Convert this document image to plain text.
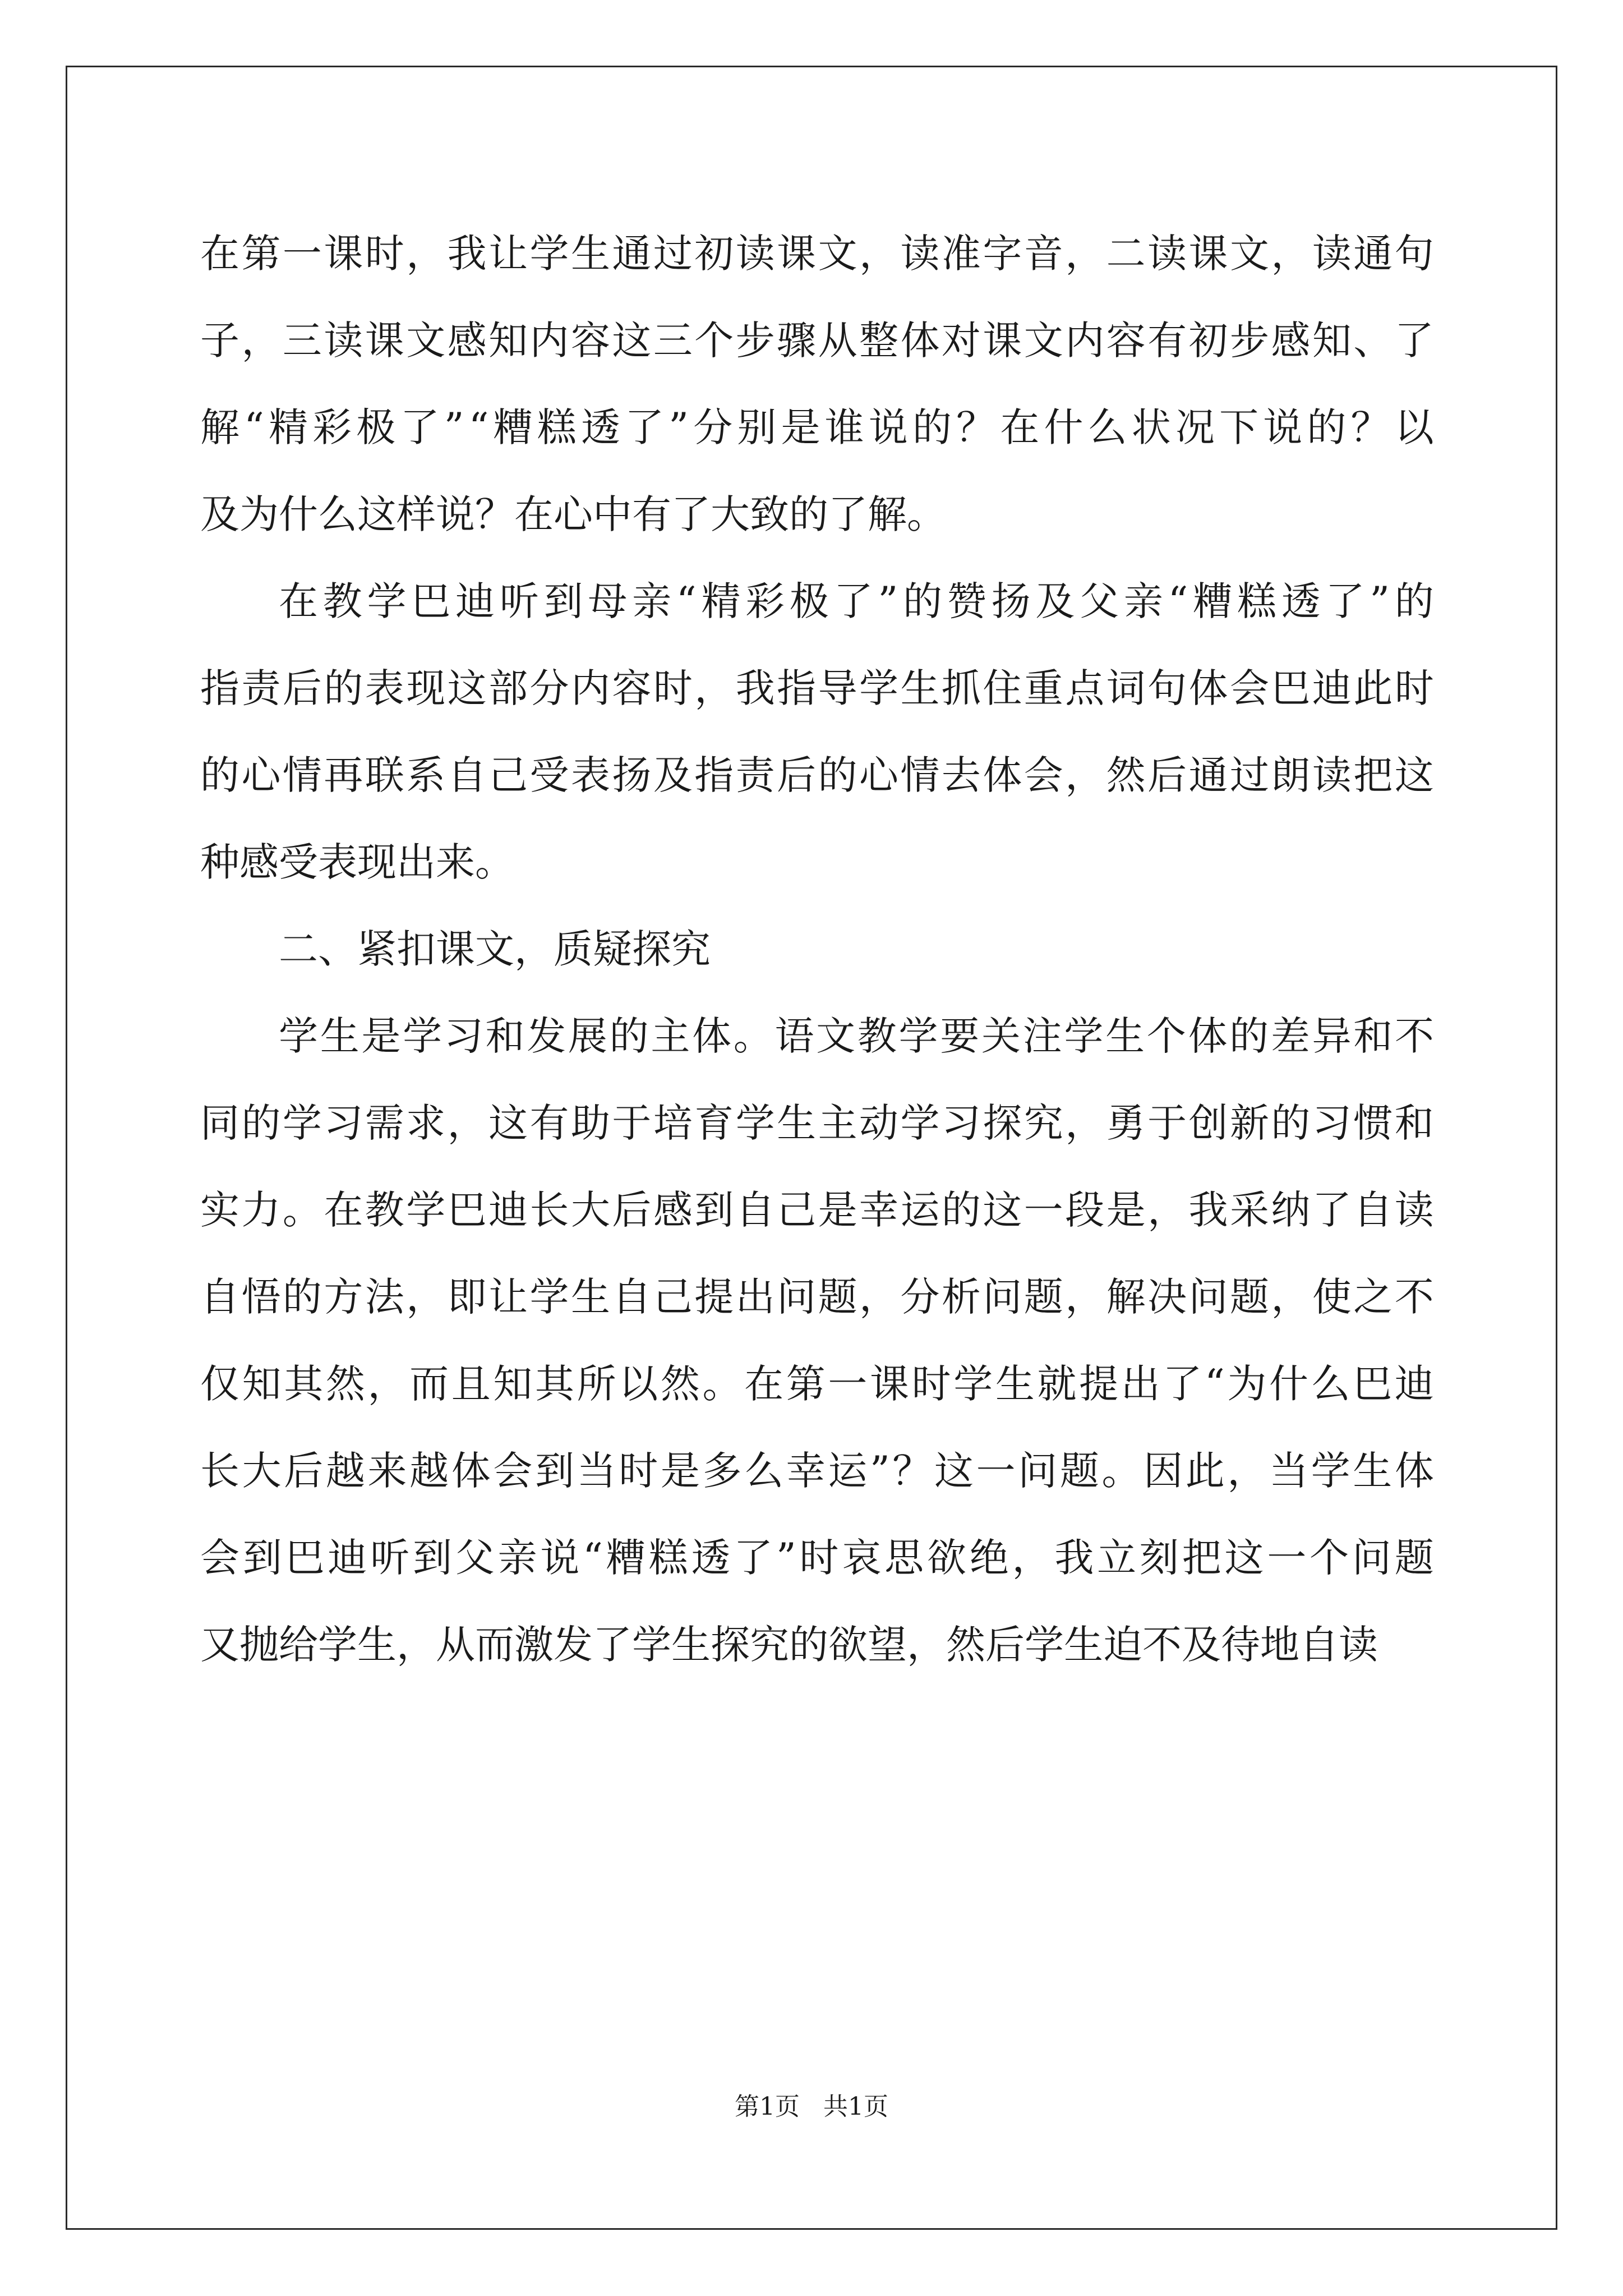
在 第 一 课 时 ， 我 让 学 生 通 过 初 读 课 文 ， 读 准 字 音 ， 二 读 课 文 ， 读 通 句
子 ， 三 读 课 文 感 知 内 容 这 三 个 步 骤 从 整 体 对 课 文 内 容 有 初 步 感 知 、 了
解 “ 精 彩 极 了 ” “ 糟 糕 透 了 ” 分 别 是 谁 说 的 ？ 在 什 么 状 况 下 说 的 ？ 以
及为什么这样说？在心中有了大致的了解。
在 教 学 巴 迪 听 到 母 亲 “ 精 彩 极 了 ” 的 赞 扬 及 父 亲 “ 糟 糕 透 了 ” 的
指 责 后 的 表 现 这 部 分 内 容 时 ， 我 指 导 学 生 抓 住 重 点 词 句 体 会 巴 迪 此 时
的 心 情 再 联 系 自 己 受 表 扬 及 指 责 后 的 心 情 去 体 会 ， 然 后 通 过 朗 读 把 这
种感受表现出来。
二、紧扣课文，质疑探究
学 生 是 学 习 和 发 展 的 主 体 。 语 文 教 学 要 关 注 学 生 个 体 的 差 异 和 不
同 的 学 习 需 求 ， 这 有 助 于 培 育 学 生 主 动 学 习 探 究 ， 勇 于 创 新 的 习 惯 和
实 力 。 在 教 学 巴 迪 长 大 后 感 到 自 己 是 幸 运 的 这 一 段 是 ， 我 采 纳 了 自 读
自 悟 的 方 法 ， 即 让 学 生 自 己 提 出 问 题 ， 分 析 问 题 ， 解 决 问 题 ， 使 之 不
仅 知 其 然 ， 而 且 知 其 所 以 然 。 在 第 一 课 时 学 生 就 提 出 了 “ 为 什 么 巴 迪
长 大 后 越 来 越 体 会 到 当 时 是 多 么 幸 运 ” ？ 这 一 问 题 。 因 此 ， 当 学 生 体
会 到 巴 迪 听 到 父 亲 说 “ 糟 糕 透 了 ” 时 哀 思 欲 绝 ， 我 立 刻 把 这 一 个 问 题
又抛给学生，从而激发了学生探究的欲望，然后学生迫不及待地自读
第1页 共1页
